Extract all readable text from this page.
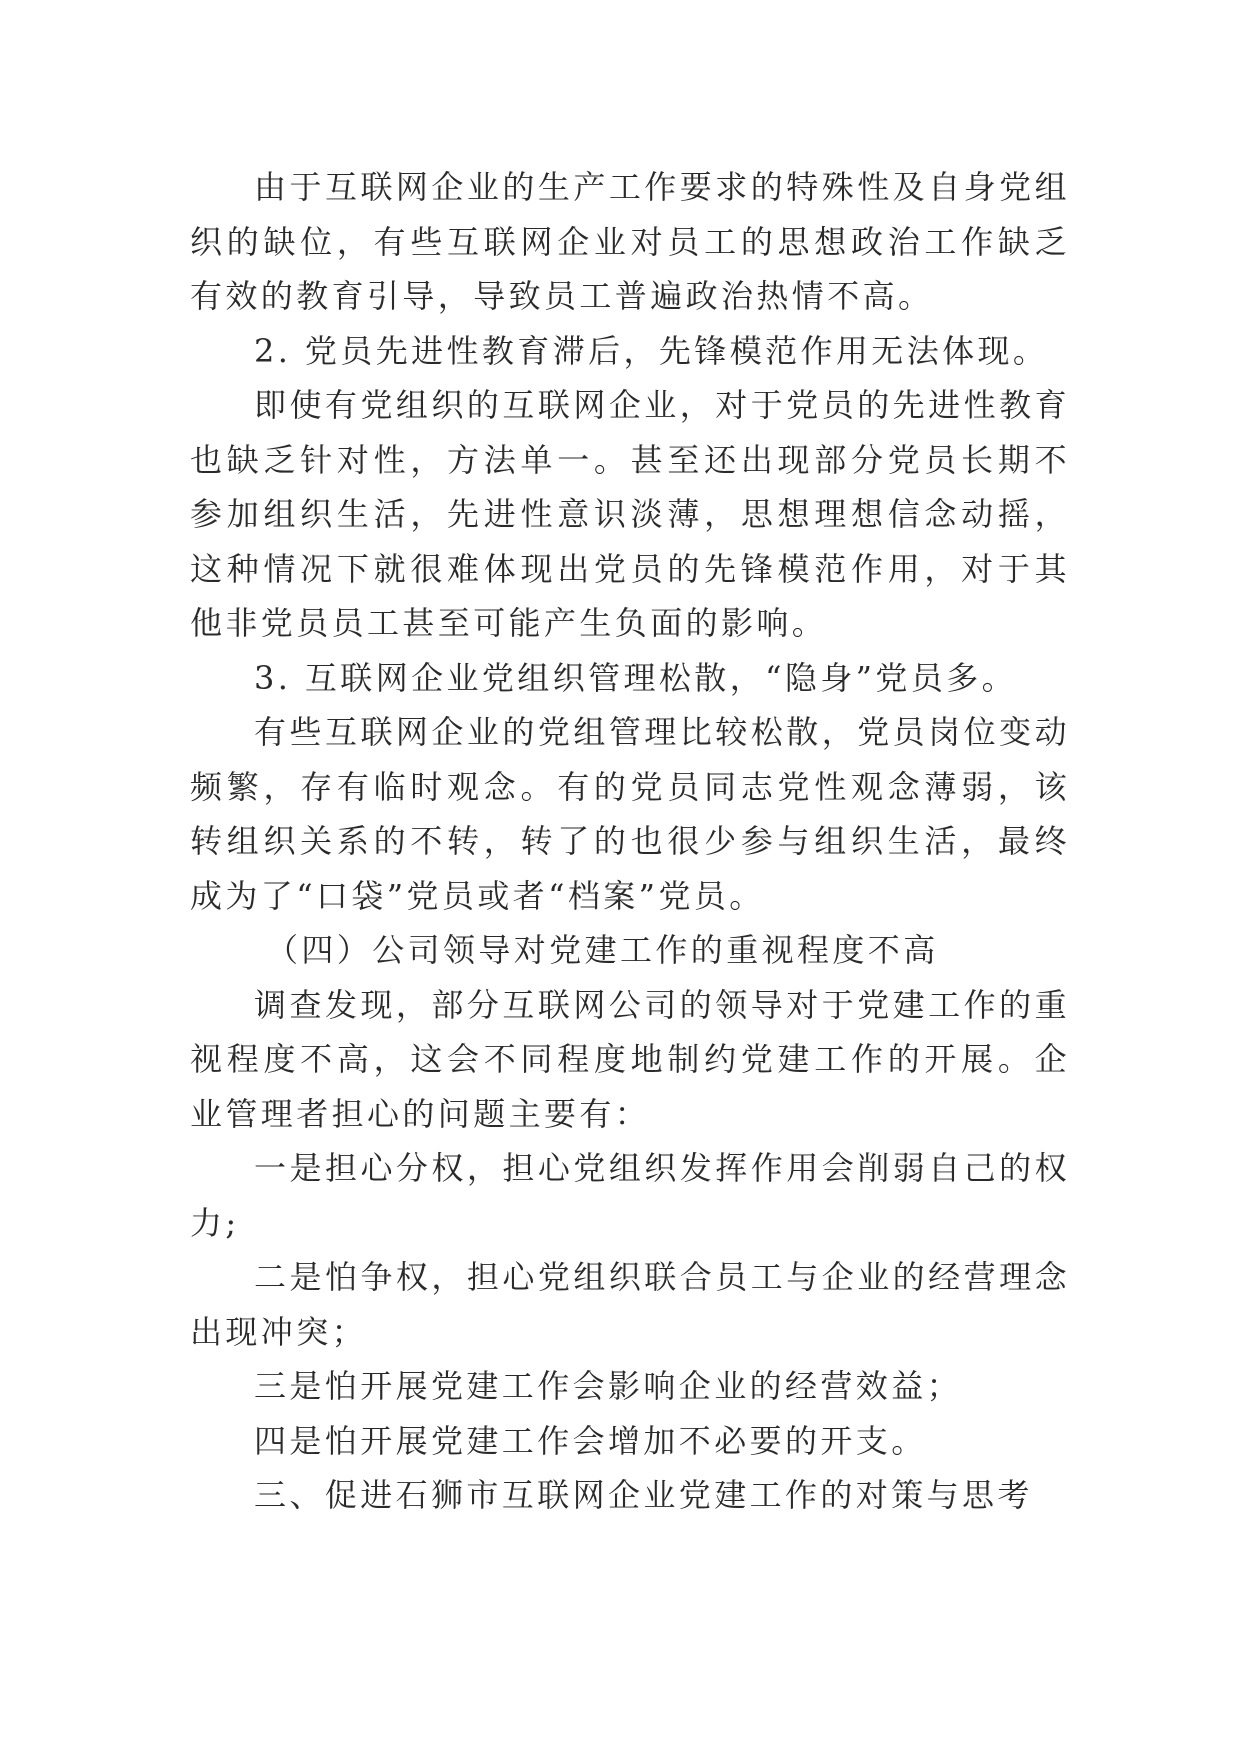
由于互联网企业的生产工作要求的特殊性及自身党组织的缺位，有些互联网企业对员工的思想政治工作缺乏有效的教育引导，导致员工普遍政治热情不高。

2. 党员先进性教育滞后，先锋模范作用无法体现。

即使有党组织的互联网企业，对于党员的先进性教育也缺乏针对性，方法单一。甚至还出现部分党员长期不参加组织生活，先进性意识淡薄，思想理想信念动摇，这种情况下就很难体现出党员的先锋模范作用，对于其他非党员员工甚至可能产生负面的影响。

3. 互联网企业党组织管理松散，“隐身”党员多。

有些互联网企业的党组管理比较松散，党员岗位变动频繁，存有临时观念。有的党员同志党性观念薄弱，该转组织关系的不转，转了的也很少参与组织生活，最终成为了“口袋”党员或者“档案”党员。

（四）公司领导对党建工作的重视程度不高

调查发现，部分互联网公司的领导对于党建工作的重视程度不高，这会不同程度地制约党建工作的开展。企业管理者担心的问题主要有：

一是担心分权，担心党组织发挥作用会削弱自己的权力;

二是怕争权，担心党组织联合员工与企业的经营理念出现冲突；

三是怕开展党建工作会影响企业的经营效益；

四是怕开展党建工作会增加不必要的开支。

三、促进石狮市互联网企业党建工作的对策与思考
